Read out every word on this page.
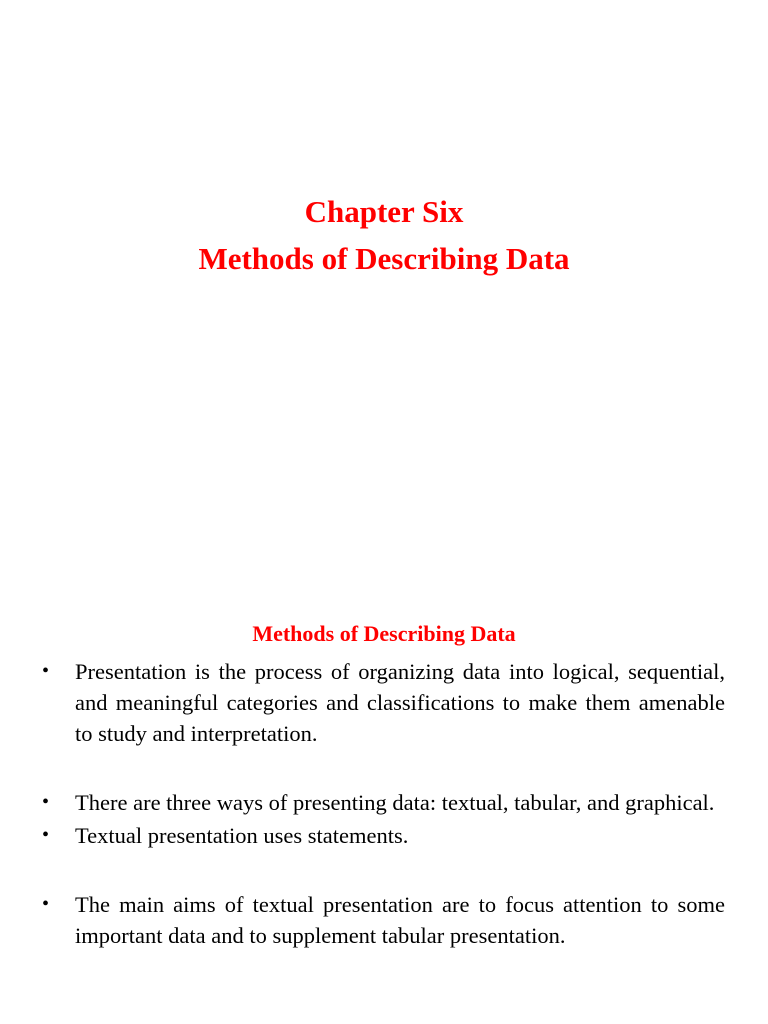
Chapter Six
Methods of Describing Data
Methods of Describing Data
• Presentation is the process of organizing data into logical, sequential, and meaningful categories and classifications to make them amenable to study and interpretation.
• There are three ways of presenting data: textual, tabular, and graphical.
• Textual presentation uses statements.
• The main aims of textual presentation are to focus attention to some important data and to supplement tabular presentation.
